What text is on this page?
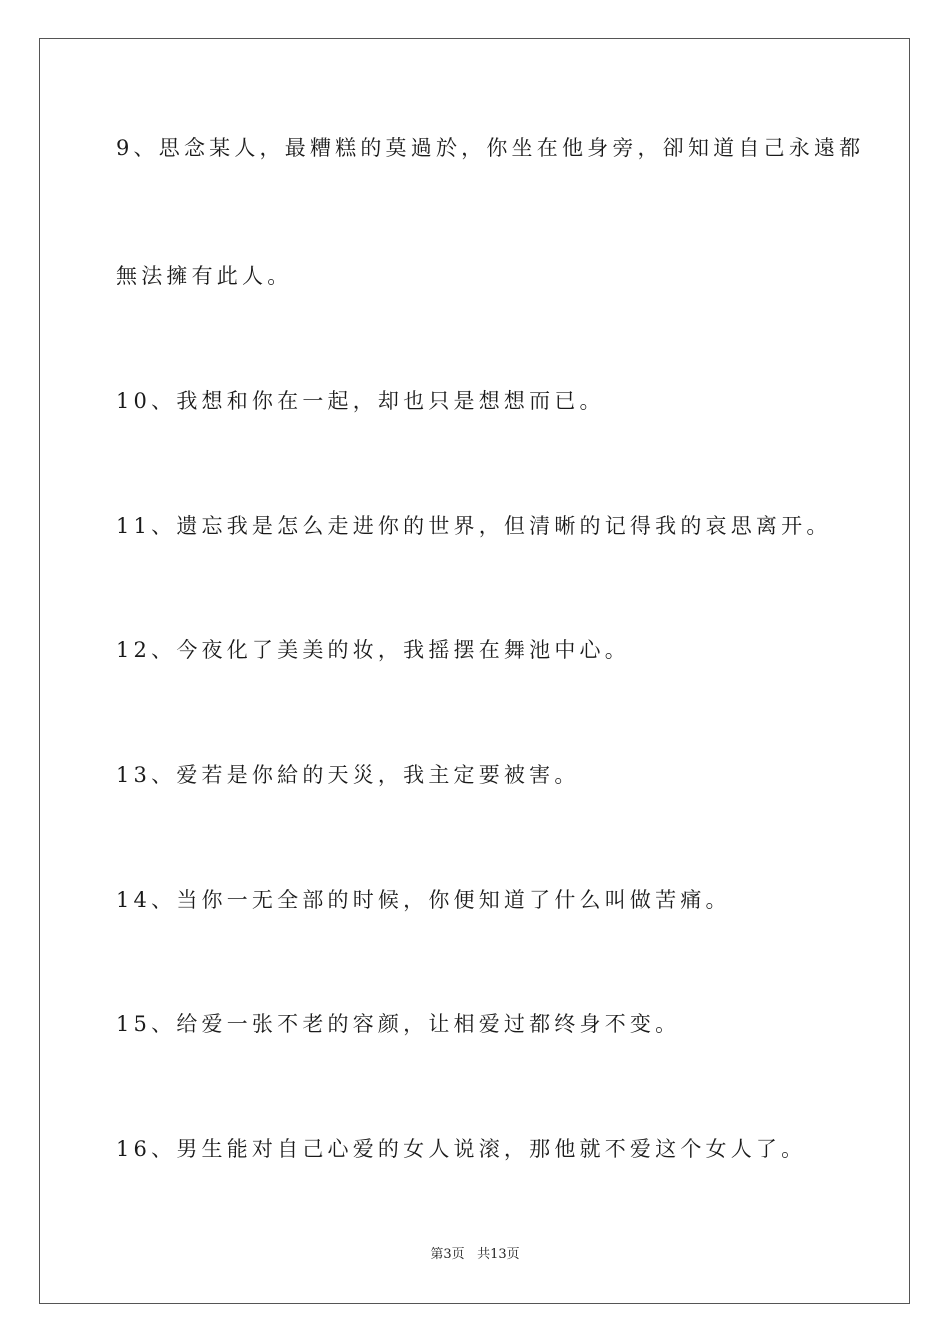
9、思念某人，最糟糕的莫過於，你坐在他身旁，卻知道自己永遠都
無法擁有此人。
10、我想和你在一起，却也只是想想而已。
11、遗忘我是怎么走进你的世界，但清晰的记得我的哀思离开。
12、今夜化了美美的妆，我摇摆在舞池中心。
13、爱若是你給的天災，我主定要被害。
14、当你一无全部的时候，你便知道了什么叫做苦痛。
15、给爱一张不老的容颜，让相爱过都终身不变。
16、男生能对自己心爱的女人说滚，那他就不爱这个女人了。
第3页 共13页
